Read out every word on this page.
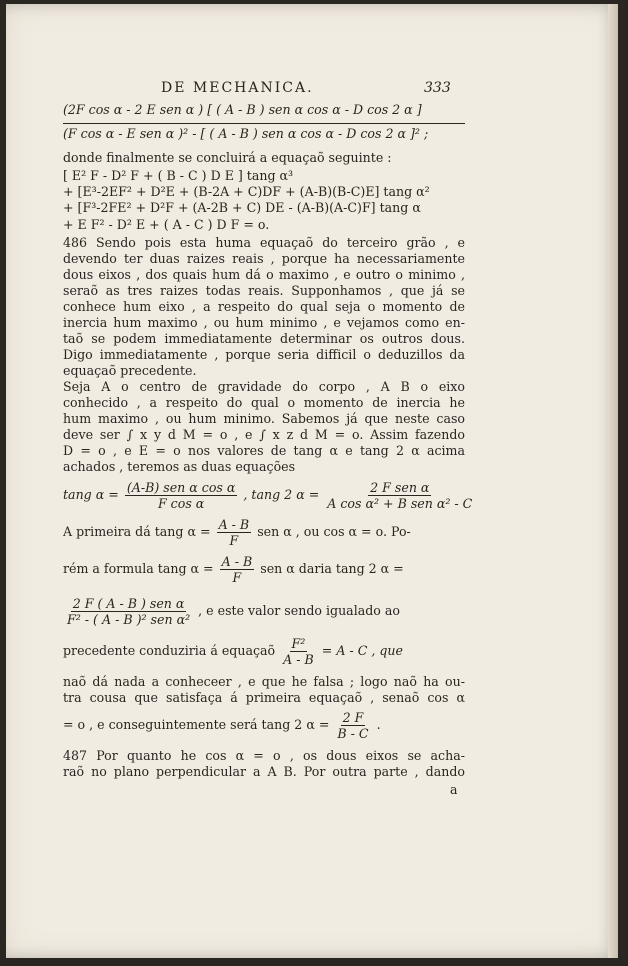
DE MECHANICA.	333
(2F cos α - 2 E sen α ) [ ( A - B ) sen α cos α - D cos 2 α ]
(F cos α - E sen α )² - [ ( A - B ) sen α cos α - D cos 2 α ]² ;
donde finalmente se concluirá a equaçaõ seguinte :
[ E² F - D² F + ( B - C ) D E ] tang α³
+ [E³-2EF² + D²E + (B-2A + C)DF + (A-B)(B-C)E] tang α²
+ [F³-2FE² + D²F + (A-2B + C) DE - (A-B)(A-C)F] tang α
+ E F² - D² E + ( A - C ) D F = o.
486 Sendo pois esta huma equaçaõ do terceiro grão , e
devendo ter duas raizes reais , porque ha necessariamente
dous eixos , dos quais hum dá o maximo , e outro o minimo ,
seraõ as tres raizes todas reais. Supponhamos , que já se
conhece hum eixo , a respeito do qual seja o momento de
inercia hum maximo , ou hum minimo , e vejamos como en-
taõ se podem immediatamente determinar os outros dous.
Digo immediatamente , porque seria difficil o deduzillos da
equaçaõ precedente.
Seja A o centro de gravidade do corpo , A B o eixo
conhecido , a respeito do qual o momento de inercia he
hum maximo , ou hum minimo. Sabemos já que neste caso
deve ser ∫ x y d M = o , e ∫ x z d M = o. Assim fazendo
D = o , e E = o nos valores de tang α e tang 2 α acima
achados , teremos as duas equações
tang $\alpha = \frac{\text{(A-B) sen α cos α}}{\text{F cos α}}$ , tang 2 $\alpha = \frac{\text{2 F sen α}}{\text{A cos α² + B sen α² - C}}$
A primeira dá tang $\alpha = \frac{A - B}{F}$ sen α , ou cos α = o. Po-
rém a formula tang $\alpha = \frac{A - B}{F}$ sen α daria tang 2 α =
$\frac{\text{2 F ( A - B ) sen α}}{\text{F² - ( A - B )² sen α²}}$ , e este valor sendo igualado ao
precedente conduziria á equaçaõ $\frac{\text{F²}}{A - B} = A - C$ , que
naõ dá nada a conheceer , e que he falsa ; logo naõ ha ou-
tra cousa que satisfaça á primeira equaçaõ , senaõ cos α
= o , e conseguintemente será tang 2 $\alpha = \frac{2 F}{B - C}$ .
487 Por quanto he cos α = o , os dous eixos se acha-
raõ no plano perpendicular a A B. Por outra parte , dando
a
